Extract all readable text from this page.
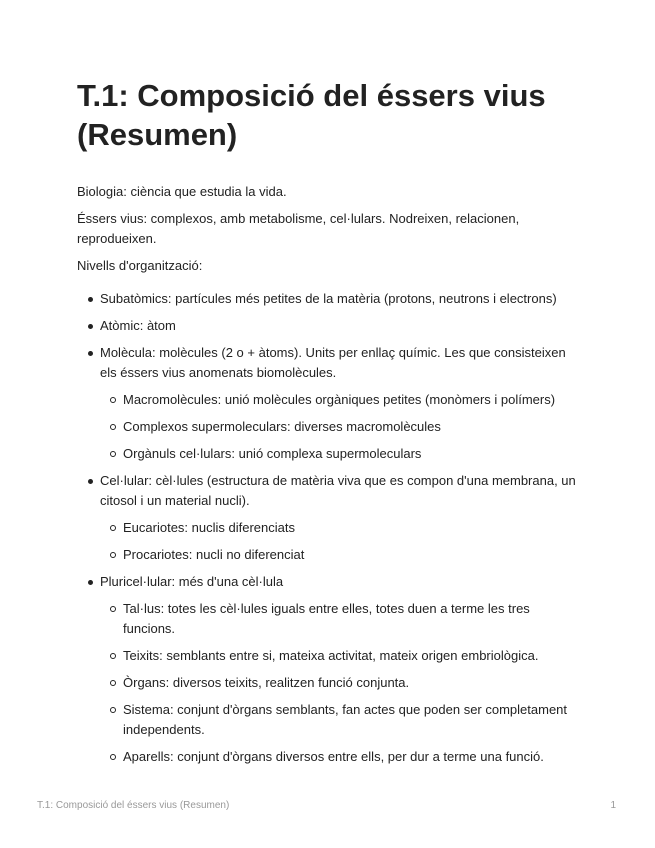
T.1: Composició del éssers vius (Resumen)

Biologia: ciència que estudia la vida.

Éssers vius: complexos, amb metabolisme, cel·lulars. Nodreixen, relacionen, reprodueixen.

Nivells d'organització:

Subatòmics: partícules més petites de la matèria (protons, neutrons i electrons)
Atòmic: àtom
Molècula: molècules (2 o + àtoms). Units per enllaç químic. Les que consisteixen els éssers vius anomenats biomolècules.
Macromolècules: unió molècules orgàniques petites (monòmers i polímers)
Complexos supermoleculars: diverses macromolècules
Orgànuls cel·lulars: unió complexa supermoleculars
Cel·lular: cèl·lules (estructura de matèria viva que es compon d'una membrana, un citosol i un material nucli).
Eucariotes: nuclis diferenciats
Procariotes: nucli no diferenciat
Pluricel·lular: més d'una cèl·lula
Tal·lus: totes les cèl·lules iguals entre elles, totes duen a terme les tres funcions.
Teixits: semblants entre si, mateixa activitat, mateix origen embriològica.
Òrgans: diversos teixits, realitzen funció conjunta.
Sistema: conjunt d'òrgans semblants, fan actes que poden ser completament independents.
Aparells: conjunt d'òrgans diversos entre ells, per dur a terme una funció.
T.1: Composició del éssers vius (Resumen)	1
